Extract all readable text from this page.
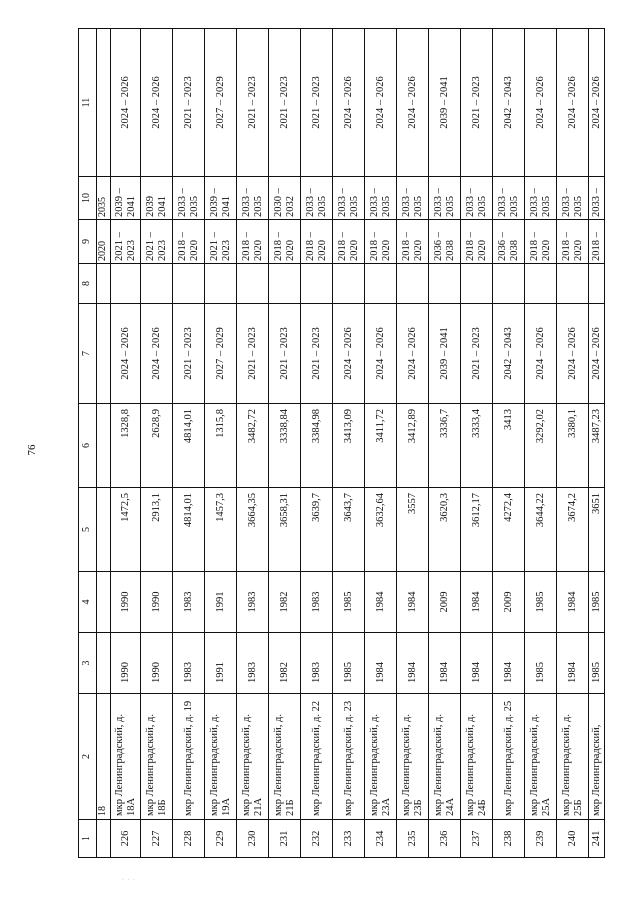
76
1	2	3	4	5	6	7	8	9	10	11
	18							2020	2035	
226	мкр Ленинградский, д. 18А	1990	1990	1472,5	1328,8	2024 – 2026		2021 – 2023	2039 – 2041	2024 – 2026
227	мкр Ленинградский, д. 18Б	1990	1990	2913,1	2628,9	2024 – 2026		2021 – 2023	2039 2041	2024 – 2026
228	мкр Ленинградский, д. 19	1983	1983	4814,01	4814,01	2021 – 2023		2018 – 2020	2033 – 2035	2021 – 2023
229	мкр Ленинградский, д. 19А	1991	1991	1457,3	1315,8	2027 – 2029		2021 – 2023	2039 – 2041	2027 – 2029
230	мкр Ленинградский, д. 21А	1983	1983	3664,35	3482,72	2021 – 2023		2018 – 2020	2033 – 2035	2021 – 2023
231	мкр Ленинградский, д. 21Б	1982	1982	3658,31	3338,84	2021 – 2023		2018 – 2020	2030 – 2032	2021 – 2023
232	мкр Ленинградский, д. 22	1983	1983	3639,7	3384,98	2021 – 2023		2018 – 2020	2033 – 2035	2021 – 2023
233	мкр Ленинградский, д. 23	1985	1985	3643,7	3413,09	2024 – 2026		2018 – 2020	2033 – 2035	2024 – 2026
234	мкр Ленинградский, д. 23А	1984	1984	3632,64	3411,72	2024 – 2026		2018 – 2020	2033 – 2035	2024 – 2026
235	мкр Ленинградский, д. 23Б	1984	1984	3557	3412,89	2024 – 2026		2018 – 2020	2033 – 2035	2024 – 2026
236	мкр Ленинградский, д. 24А	1984	2009	3620,3	3336,7	2039 – 2041		2036 – 2038	2033 – 2035	2039 – 2041
237	мкр Ленинградский, д. 24Б	1984	1984	3612,17	3333,4	2021 – 2023		2018 – 2020	2033 – 2035	2021 – 2023
238	мкр Ленинградский, д. 25	1984	2009	4272,4	3413	2042 – 2043		2036 – 2038	2033 – 2035	2042 – 2043
239	мкр Ленинградский, д. 25А	1985	1985	3644,22	3292,02	2024 – 2026		2018 – 2020	2033 – 2035	2024 – 2026
240	мкр Ленинградский, д. 25Б	1984	1984	3674,2	3380,1	2024 – 2026		2018 – 2020	2033 – 2035	2024 – 2026
241	мкр Ленинградский,	1985	1985	3651	3487,23	2024 – 2026		2018 –	2033 –	2024 – 2026
· · ·
